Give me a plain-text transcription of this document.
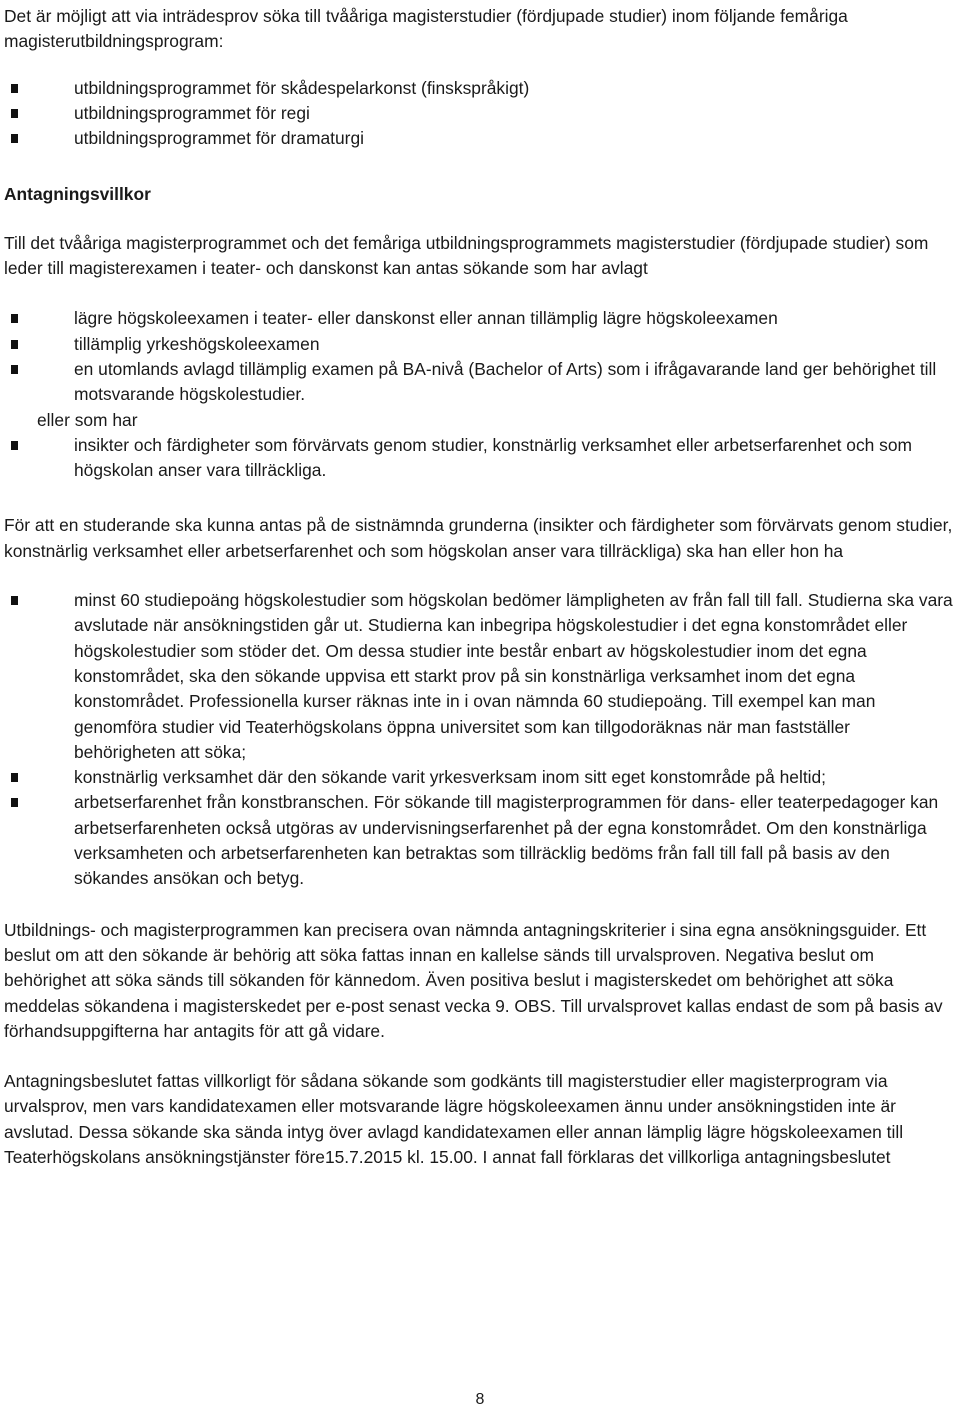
Det är möjligt att via inträdesprov söka till tvååriga magisterstudier (fördjupade studier) inom följande femåriga magisterutbildningsprogram:

utbildningsprogrammet för skådespelarkonst (finskspråkigt)
utbildningsprogrammet för regi
utbildningsprogrammet för dramaturgi

Antagningsvillkor

Till det tvååriga magisterprogrammet och det femåriga utbildningsprogrammets magisterstudier (fördjupade studier) som leder till magisterexamen i teater- och danskonst kan antas sökande som har avlagt

lägre högskoleexamen i teater- eller danskonst eller annan tillämplig lägre högskoleexamen
tillämplig yrkeshögskoleexamen
en utomlands avlagd tillämplig examen på BA-nivå (Bachelor of Arts) som i ifrågavarande land ger behörighet till motsvarande högskolestudier.

eller som har

insikter och färdigheter som förvärvats genom studier, konstnärlig verksamhet eller arbetserfarenhet och som högskolan anser vara tillräckliga.

För att en studerande ska kunna antas på de sistnämnda grunderna (insikter och färdigheter som förvärvats genom studier, konstnärlig verksamhet eller arbetserfarenhet och som högskolan anser vara tillräckliga) ska han eller hon ha

minst 60 studiepoäng högskolestudier som högskolan bedömer lämpligheten av från fall till fall. Studierna ska vara avslutade när ansökningstiden går ut. Studierna kan inbegripa högskolestudier i det egna konstområdet eller högskolestudier som stöder det. Om dessa studier inte består enbart av högskolestudier inom det egna konstområdet, ska den sökande uppvisa ett starkt prov på sin konstnärliga verksamhet inom det egna konstområdet. Professionella kurser räknas inte in i ovan nämnda 60 studiepoäng. Till exempel kan man genomföra studier vid Teaterhögskolans öppna universitet som kan tillgodoräknas när man fastställer behörigheten att söka;
konstnärlig verksamhet där den sökande varit yrkesverksam inom sitt eget konstområde på heltid;
arbetserfarenhet från konstbranschen. För sökande till magisterprogrammen för dans- eller teaterpedagoger kan arbetserfarenheten också utgöras av undervisningserfarenhet på der egna konstområdet. Om den konstnärliga verksamheten och arbetserfarenheten kan betraktas som tillräcklig bedöms från fall till fall på basis av den sökandes ansökan och betyg.

Utbildnings- och magisterprogrammen kan precisera ovan nämnda antagningskriterier i sina egna ansökningsguider. Ett beslut om att den sökande är behörig att söka fattas innan en kallelse sänds till urvalsproven. Negativa beslut om behörighet att söka sänds till sökanden för kännedom. Även positiva beslut i magisterskedet om behörighet att söka meddelas sökandena i magisterskedet per e-post senast vecka 9. OBS. Till urvalsprovet kallas endast de som på basis av förhandsuppgifterna har antagits för att gå vidare.

Antagningsbeslutet fattas villkorligt för sådana sökande som godkänts till magisterstudier eller magisterprogram via urvalsprov, men vars kandidatexamen eller motsvarande lägre högskoleexamen ännu under ansökningstiden inte är avslutad. Dessa sökande ska sända intyg över avlagd kandidatexamen eller annan lämplig lägre högskoleexamen till Teaterhögskolans ansökningstjänster före15.7.2015 kl. 15.00. I annat fall förklaras det villkorliga antagningsbeslutet

8
